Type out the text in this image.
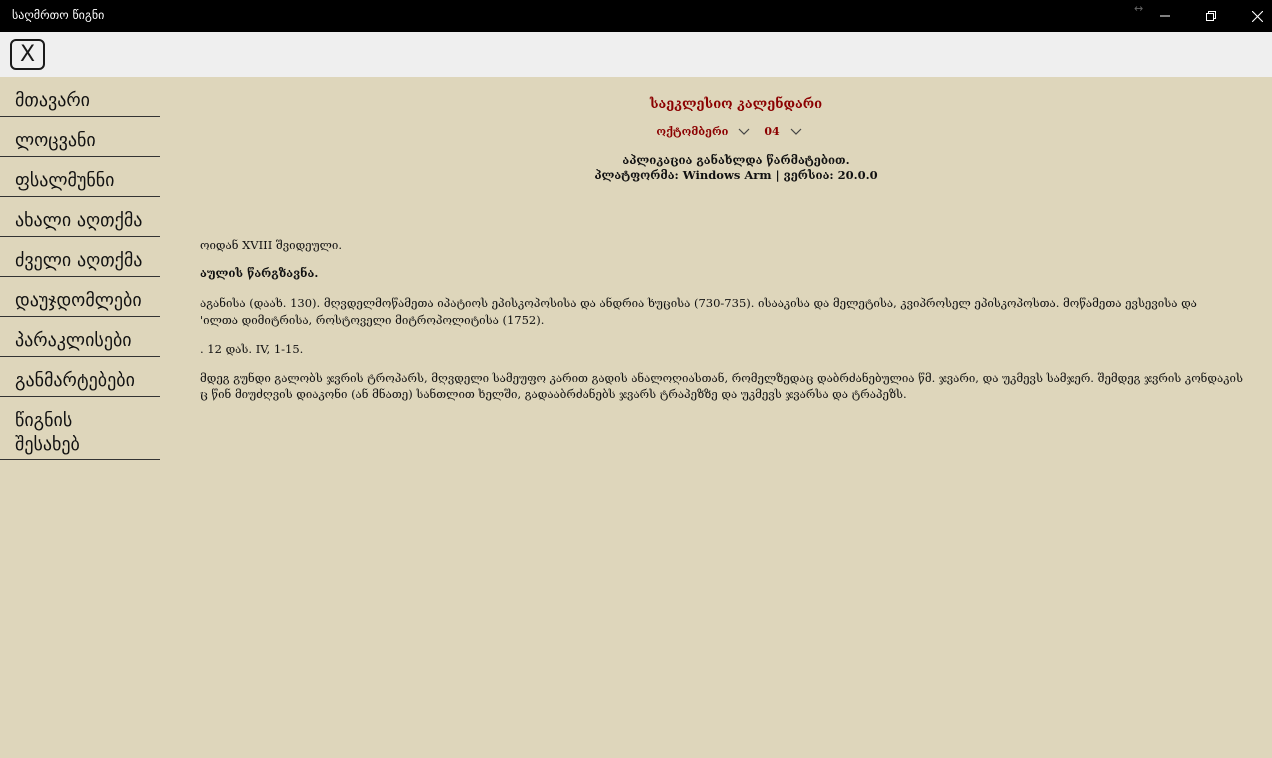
საღმრთო წიგნი	↔
X
მთავარი
ლოცვანი
ფსალმუნნი
ახალი აღთქმა
ძველი აღთქმა
დაუჯდომლები
პარაკლისები
განმარტებები
წიგნის შესახებ
საეკლესიო კალენდარი
ოქტომბერი	04
აპლიკაცია განახლდა წარმატებით.
პლატფორმა: Windows Arm | ვერსია: 20.0.0

ოიდან XVIII შვიდეული.

აულის წარგზავნა.

აგანისა (დაახ. 130). მღვდელმოწამეთა იპატიოს ეპისკოპოსისა და ანდრია ხუცისა (730-735). ისააკისა და მელეტისა, კვიპროსელ ეპისკოპოსთა. მოწამეთა ევსევისა და

'ილთა დიმიტრისა, როსტოველი მიტროპოლიტისა (1752).

. 12 დას. IV, 1-15.

მდეგ გუნდი გალობს ჯვრის ტროპარს, მღვდელი სამეუფო კარით გადის ანალოღიასთან, რომელზედაც დაბრძანებულია წმ. ჯვარი, და უკმევს სამჯერ. შემდეგ ჯვრის კონდაკის

ც წინ მიუძღვის დიაკონი (ან მნათე) სანთლით ხელში, გადააბრძანებს ჯვარს ტრაპეზზე და უკმევს ჯვარსა და ტრაპეზს.
